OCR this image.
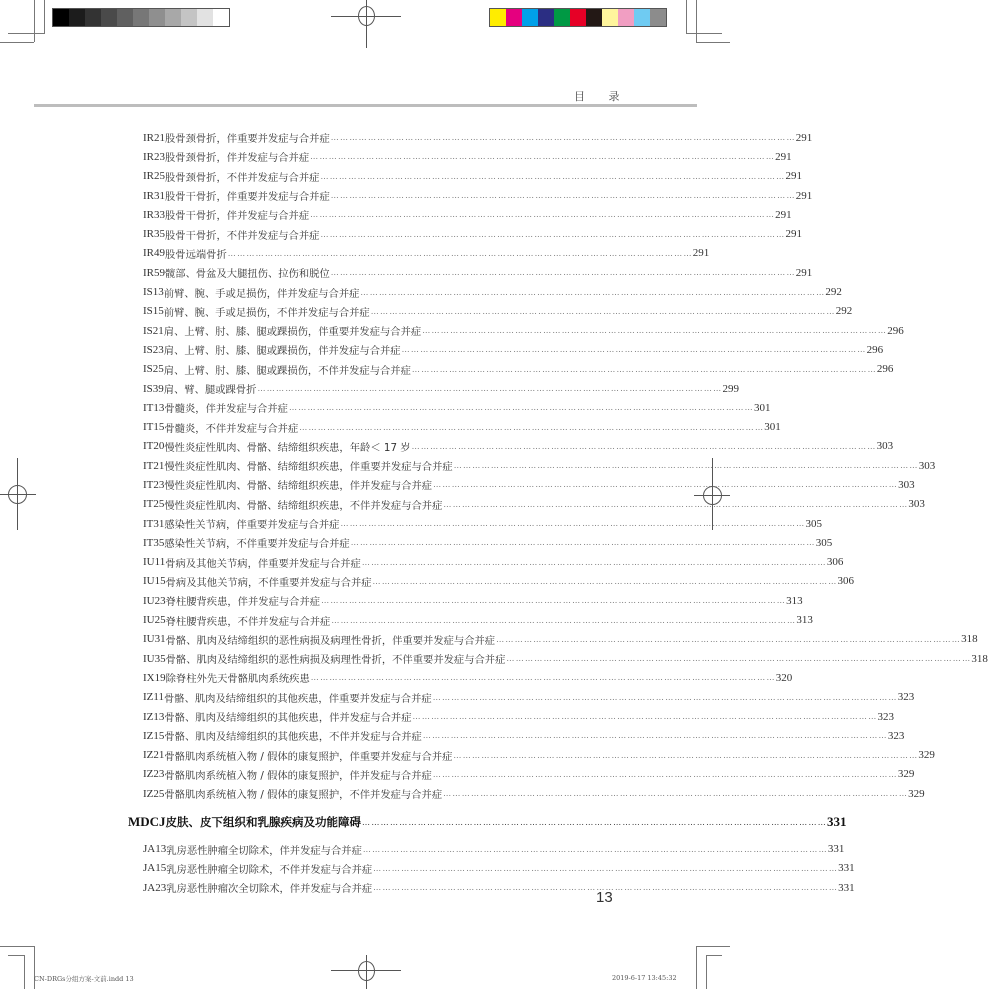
目 录
IR21 股骨颈骨折，伴重要并发症与合并症 …………………………………………………………………………………………………………………………………… 291
IR23 股骨颈骨折，伴并发症与合并症 …………………………………………………………………………………………………………………………………… 291
IR25 股骨颈骨折，不伴并发症与合并症 …………………………………………………………………………………………………………………………………… 291
IR31 股骨干骨折，伴重要并发症与合并症 …………………………………………………………………………………………………………………………………… 291
IR33 股骨干骨折，伴并发症与合并症 …………………………………………………………………………………………………………………………………… 291
IR35 股骨干骨折，不伴并发症与合并症 …………………………………………………………………………………………………………………………………… 291
IR49 股骨远端骨折 …………………………………………………………………………………………………………………………………… 291
IR59 髋部、骨盆及大腿扭伤、拉伤和脱位 …………………………………………………………………………………………………………………………………… 291
IS13 前臂、腕、手或足损伤，伴并发症与合并症 …………………………………………………………………………………………………………………………………… 292
IS15 前臂、腕、手或足损伤，不伴并发症与合并症 …………………………………………………………………………………………………………………………………… 292
IS21 肩、上臂、肘、膝、腿或踝损伤，伴重要并发症与合并症 …………………………………………………………………………………………………………………………………… 296
IS23 肩、上臂、肘、膝、腿或踝损伤，伴并发症与合并症 …………………………………………………………………………………………………………………………………… 296
IS25 肩、上臂、肘、膝、腿或踝损伤，不伴并发症与合并症 …………………………………………………………………………………………………………………………………… 296
IS39 肩、臂、腿或踝骨折 …………………………………………………………………………………………………………………………………… 299
IT13 骨髓炎，伴并发症与合并症 …………………………………………………………………………………………………………………………………… 301
IT15 骨髓炎，不伴并发症与合并症 …………………………………………………………………………………………………………………………………… 301
IT20 慢性炎症性肌肉、骨骼、结缔组织疾患，年龄＜ 17 岁 …………………………………………………………………………………………………………………………………… 303
IT21 慢性炎症性肌肉、骨骼、结缔组织疾患，伴重要并发症与合并症 …………………………………………………………………………………………………………………………………… 303
IT23 慢性炎症性肌肉、骨骼、结缔组织疾患，伴并发症与合并症 …………………………………………………………………………………………………………………………………… 303
IT25 慢性炎症性肌肉、骨骼、结缔组织疾患，不伴并发症与合并症 …………………………………………………………………………………………………………………………………… 303
IT31 感染性关节病，伴重要并发症与合并症 …………………………………………………………………………………………………………………………………… 305
IT35 感染性关节病，不伴重要并发症与合并症 …………………………………………………………………………………………………………………………………… 305
IU11 骨病及其他关节病，伴重要并发症与合并症 …………………………………………………………………………………………………………………………………… 306
IU15 骨病及其他关节病，不伴重要并发症与合并症 …………………………………………………………………………………………………………………………………… 306
IU23 脊柱腰背疾患，伴并发症与合并症 …………………………………………………………………………………………………………………………………… 313
IU25 脊柱腰背疾患，不伴并发症与合并症 …………………………………………………………………………………………………………………………………… 313
IU31 骨骼、肌肉及结缔组织的恶性病损及病理性骨折，伴重要并发症与合并症 …………………………………………………………………………………………………………………………………… 318
IU35 骨骼、肌肉及结缔组织的恶性病损及病理性骨折，不伴重要并发症与合并症 …………………………………………………………………………………………………………………………………… 318
IX19 除脊柱外先天骨骼肌肉系统疾患 …………………………………………………………………………………………………………………………………… 320
IZ11 骨骼、肌肉及结缔组织的其他疾患，伴重要并发症与合并症 …………………………………………………………………………………………………………………………………… 323
IZ13 骨骼、肌肉及结缔组织的其他疾患，伴并发症与合并症 …………………………………………………………………………………………………………………………………… 323
IZ15 骨骼、肌肉及结缔组织的其他疾患，不伴并发症与合并症 …………………………………………………………………………………………………………………………………… 323
IZ21 骨骼肌肉系统植入物 / 假体的康复照护，伴重要并发症与合并症 …………………………………………………………………………………………………………………………………… 329
IZ23 骨骼肌肉系统植入物 / 假体的康复照护，伴并发症与合并症 …………………………………………………………………………………………………………………………………… 329
IZ25 骨骼肌肉系统植入物 / 假体的康复照护，不伴并发症与合并症 …………………………………………………………………………………………………………………………………… 329
MDCJ 皮肤、皮下组织和乳腺疾病及功能障碍 …………………………………………………………………………………………………………………………………… 331
JA13 乳房恶性肿瘤全切除术，伴并发症与合并症 …………………………………………………………………………………………………………………………………… 331
JA15 乳房恶性肿瘤全切除术，不伴并发症与合并症 …………………………………………………………………………………………………………………………………… 331
JA23 乳房恶性肿瘤次全切除术，伴并发症与合并症 …………………………………………………………………………………………………………………………………… 331
13
CN-DRGs分组方案-文前.indd 13	2019-6-17 13:45:32
